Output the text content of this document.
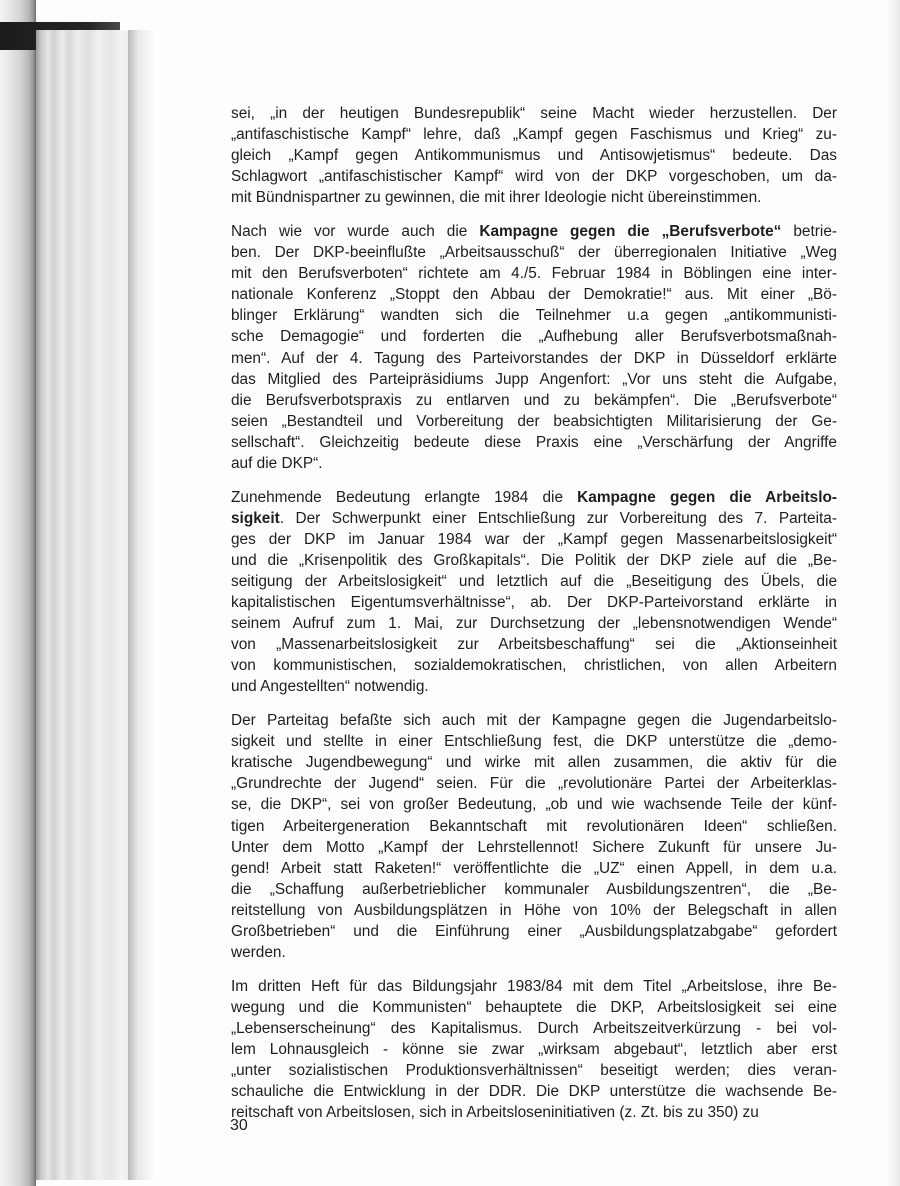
sei, „in der heutigen Bundesrepublik“ seine Macht wieder herzustellen. Der
„antifaschistische Kampf“ lehre, daß „Kampf gegen Faschismus und Krieg“ zu-
gleich „Kampf gegen Antikommunismus und Antisowjetismus“ bedeute. Das
Schlagwort „antifaschistischer Kampf“ wird von der DKP vorgeschoben, um da-
mit Bündnispartner zu gewinnen, die mit ihrer Ideologie nicht übereinstimmen.
Nach wie vor wurde auch die Kampagne gegen die „Berufsverbote“ betrie-
ben. Der DKP-beeinflußte „Arbeitsausschuß“ der überregionalen Initiative „Weg
mit den Berufsverboten“ richtete am 4./5. Februar 1984 in Böblingen eine inter-
nationale Konferenz „Stoppt den Abbau der Demokratie!“ aus. Mit einer „Bö-
blinger Erklärung“ wandten sich die Teilnehmer u.a gegen „antikommunisti-
sche Demagogie“ und forderten die „Aufhebung aller Berufsverbotsmaßnah-
men“. Auf der 4. Tagung des Parteivorstandes der DKP in Düsseldorf erklärte
das Mitglied des Parteipräsidiums Jupp Angenfort: „Vor uns steht die Aufgabe,
die Berufsverbotspraxis zu entlarven und zu bekämpfen“. Die „Berufsverbote“
seien „Bestandteil und Vorbereitung der beabsichtigten Militarisierung der Ge-
sellschaft“. Gleichzeitig bedeute diese Praxis eine „Verschärfung der Angriffe
auf die DKP“.
Zunehmende Bedeutung erlangte 1984 die Kampagne gegen die Arbeitslo-
sigkeit. Der Schwerpunkt einer Entschließung zur Vorbereitung des 7. Parteita-
ges der DKP im Januar 1984 war der „Kampf gegen Massenarbeitslosigkeit“
und die „Krisenpolitik des Großkapitals“. Die Politik der DKP ziele auf die „Be-
seitigung der Arbeitslosigkeit“ und letztlich auf die „Beseitigung des Übels, die
kapitalistischen Eigentumsverhältnisse“, ab. Der DKP-Parteivorstand erklärte in
seinem Aufruf zum 1. Mai, zur Durchsetzung der „lebensnotwendigen Wende“
von „Massenarbeitslosigkeit zur Arbeitsbeschaffung“ sei die „Aktionseinheit
von kommunistischen, sozialdemokratischen, christlichen, von allen Arbeitern
und Angestellten“ notwendig.
Der Parteitag befaßte sich auch mit der Kampagne gegen die Jugendarbeitslo-
sigkeit und stellte in einer Entschließung fest, die DKP unterstütze die „demo-
kratische Jugendbewegung“ und wirke mit allen zusammen, die aktiv für die
„Grundrechte der Jugend“ seien. Für die „revolutionäre Partei der Arbeiterklas-
se, die DKP“, sei von großer Bedeutung, „ob und wie wachsende Teile der künf-
tigen Arbeitergeneration Bekanntschaft mit revolutionären Ideen“ schließen.
Unter dem Motto „Kampf der Lehrstellennot! Sichere Zukunft für unsere Ju-
gend! Arbeit statt Raketen!“ veröffentlichte die „UZ“ einen Appell, in dem u.a.
die „Schaffung außerbetrieblicher kommunaler Ausbildungszentren“, die „Be-
reitstellung von Ausbildungsplätzen in Höhe von 10% der Belegschaft in allen
Großbetrieben“ und die Einführung einer „Ausbildungsplatzabgabe“ gefordert
werden.
Im dritten Heft für das Bildungsjahr 1983/84 mit dem Titel „Arbeitslose, ihre Be-
wegung und die Kommunisten“ behauptete die DKP, Arbeitslosigkeit sei eine
„Lebenserscheinung“ des Kapitalismus. Durch Arbeitszeitverkürzung - bei vol-
lem Lohnausgleich - könne sie zwar „wirksam abgebaut“, letztlich aber erst
„unter sozialistischen Produktionsverhältnissen“ beseitigt werden; dies veran-
schauliche die Entwicklung in der DDR. Die DKP unterstütze die wachsende Be-
reitschaft von Arbeitslosen, sich in Arbeitsloseninitiativen (z. Zt. bis zu 350) zu
30
